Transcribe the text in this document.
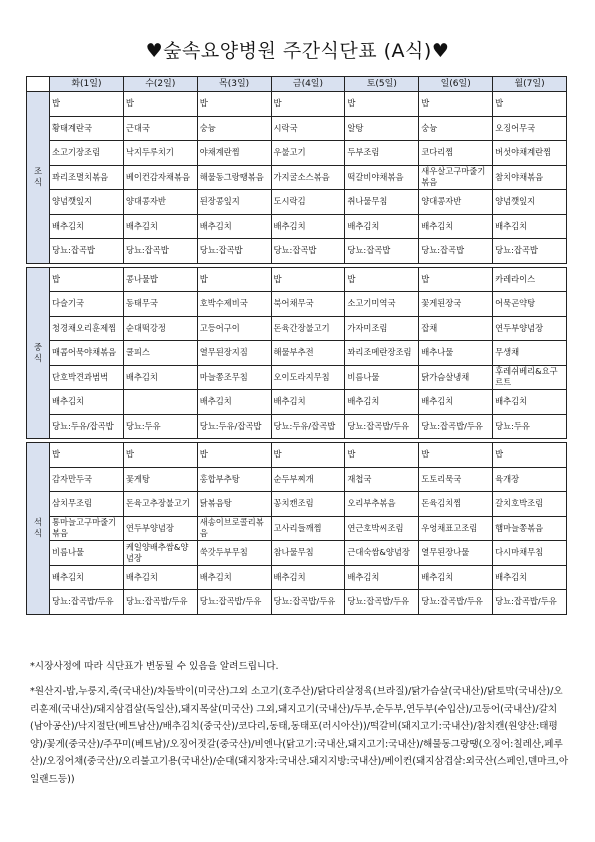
♥숲속요양병원 주간식단표 (A식)♥
	화(1일)	수(2일)	목(3일)	금(4일)	토(5일)	일(6일)	월(7일)

조
식	밥	밥	밥	밥	밥	밥	밥
	황태계란국	근대국	숭늉	시락국	알탕	숭늉	오징어무국
	소고기장조림	낙지두루치기	야채계란찜	우불고기	두부조림	코다리찜	버섯야채계란찜
	꽈리조멸치볶음	베이컨감자채볶음	해물동그랑땡볶음	가지굴소스볶음	떡갈비야채볶음	새우살고구마줄기볶음	참치야채볶음
	양념깻잎지	양대콩자반	된장콩잎지	도시락김	취나물무침	양대콩자반	양념깻잎지
	배추김치	배추김치	배추김치	배추김치	배추김치	배추김치	배추김치
	당뇨:잡곡밥	당뇨:잡곡밥	당뇨:잡곡밥	당뇨:잡곡밥	당뇨:잡곡밥	당뇨:잡곡밥	당뇨:잡곡밥

중
식	밥	콩나물밥	밥	밥	밥	밥	카레라이스
	다슬기국	동태무국	호박수제비국	북어채무국	소고기미역국	꽃게된장국	어묵곤약탕
	청경채오리훈제찜	순대떡강정	고등어구이	돈육간장불고기	가자미조림	잡채	연두부양념장
	매콤어묵야채볶음	쿨피스	열무된장지짐	해물부추전	꽈리조메란장조림	배추나물	무생채
	단호박견과범벅	배추김치	마늘쫑조무침	오이도라지무침	비름나물	닭가슴살냉채	후레쉬베리&요구르트
	배추김치		배추김치	배추김치	배추김치	배추김치	배추김치
	당뇨:두유/잡곡밥	당뇨:두유	당뇨:두유/잡곡밥	당뇨:두유/잡곡밥	당뇨:잡곡밥/두유	당뇨:잡곡밥/두유	당뇨:두유

석
식	밥	밥	밥	밥	밥	밥	밥
	감자만두국	꽃게탕	홍합부추탕	순두부찌개	재첩국	도토리묵국	육개장
	삼치무조림	돈육고추장불고기	닭볶음탕	꽁치캔조림	오리부추볶음	돈육김치찜	갈치호박조림
	통마늘고구마줄기볶음	연두부양념장	새송이브로콜리볶음	고사리들깨찜	연근호박씨조림	우엉채표고조림	햄마늘쫑볶음
	비름나물	케일양배추쌈&양념장	쑥갓두부무침	참나물무침	근대숙쌈&양념장	열무된장나물	다시마채무침
	배추김치	배추김치	배추김치	배추김치	배추김치	배추김치	배추김치
	당뇨:잡곡밥/두유	당뇨:잡곡밥/두유	당뇨:잡곡밥/두유	당뇨:잡곡밥/두유	당뇨:잡곡밥/두유	당뇨:잡곡밥/두유	당뇨:잡곡밥/두유
*시장사정에 따라 식단표가 변동될 수 있음을 알려드립니다.
*원산지-밥,누룽지,죽(국내산)/차돌박이(미국산)그외 소고기(호주산)/닭다리살정육(브라질)/닭가슴살(국내산)/닭토막(국내산)/오리훈제(국내산)/돼지삼겹살(독일산),돼지목살(미국산) 그외,돼지고기(국내산)/두부,순두부,연두부(수입산)/고등어(국내산)/갈치(남아공산)/낙지절단(베트남산)/배추김치(중국산)/코다리,동태,동태포(러시아산))/떡갈비(돼지고기:국내산)/참치캔(원양산:태평양)/꽃게(중국산)/주꾸미(베트남)/오징어젓갈(중국산)/비엔나(닭고기:국내산,돼지고기:국내산)/해물동그랑땡(오징어:칠레산,페루산)/오징어채(중국산)/오리불고기용(국내산)/순대(돼지창자:국내산.돼지지방:국내산)/베이컨(돼지삼겹살:외국산(스페인,덴마크,아일랜드등))
